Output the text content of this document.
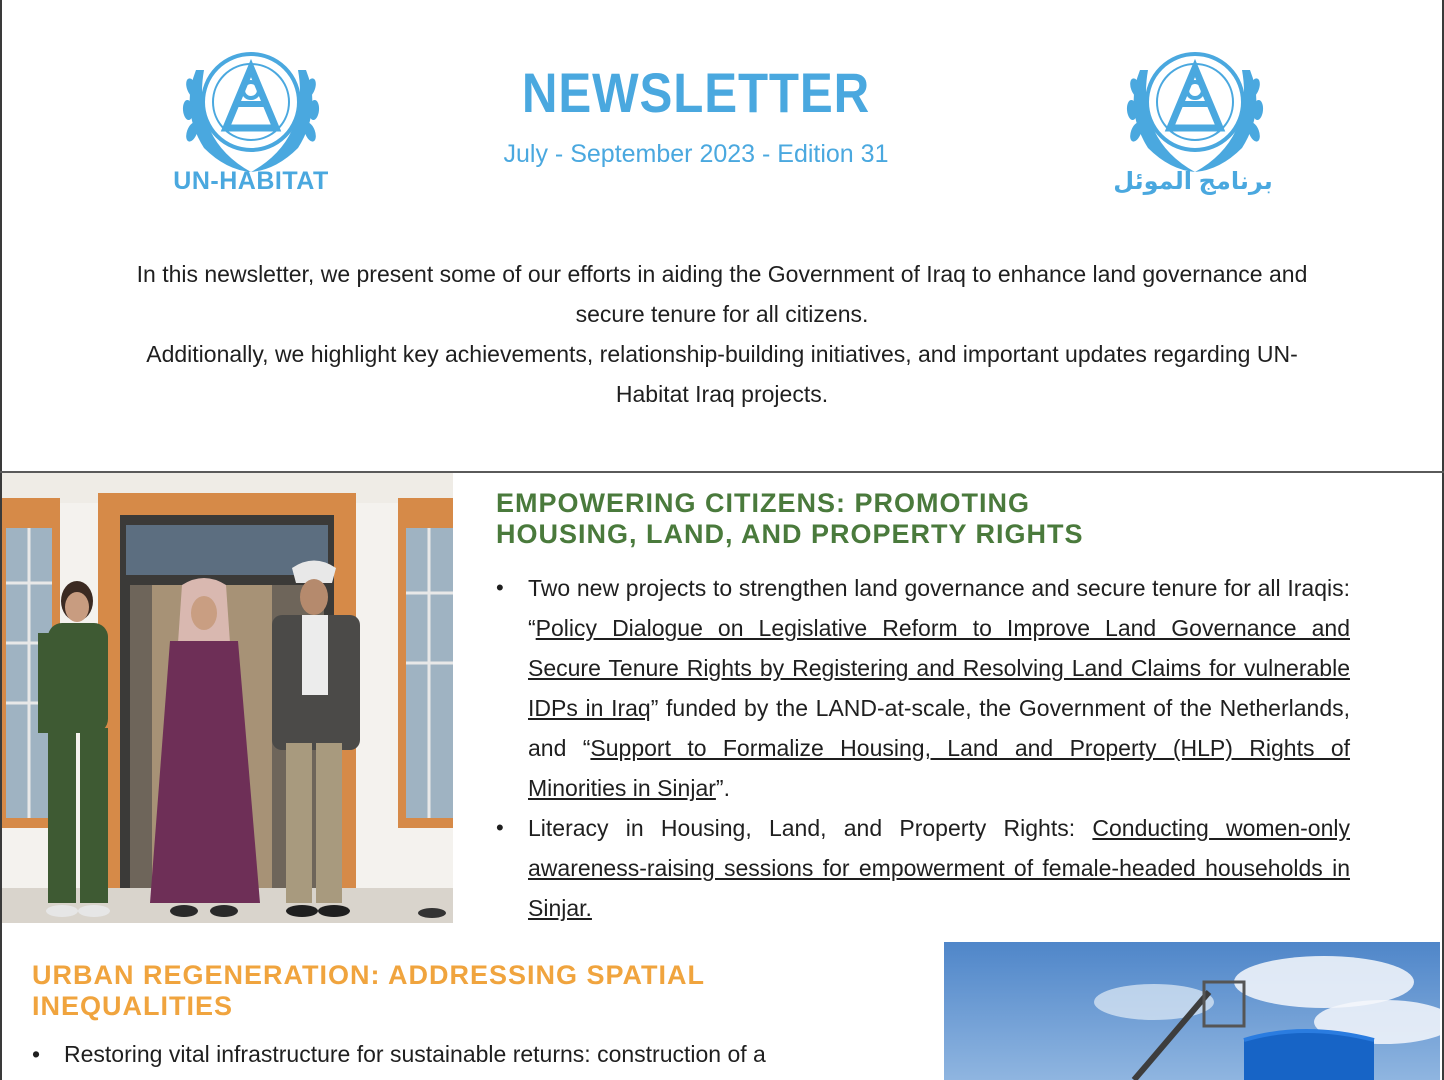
UN-HABITAT	برنامج الموئل
NEWSLETTER
July - September 2023 - Edition 31

In this newsletter, we present some of our efforts in aiding the Government of Iraq to enhance land governance and secure tenure for all citizens.

Additionally, we highlight key achievements, relationship-building initiatives, and important updates regarding UN-Habitat Iraq projects.

EMPOWERING CITIZENS: PROMOTING
HOUSING, LAND, AND PROPERTY RIGHTS
• Two new projects to strengthen land governance and secure tenure for all Iraqis: “Policy Dialogue on Legislative Reform to Improve Land Governance and Secure Tenure Rights by Registering and Resolving Land Claims for vulnerable IDPs in Iraq” funded by the LAND-at-scale, the Government of the Netherlands, and “Support to Formalize Housing, Land and Property (HLP) Rights of Minorities in Sinjar”.
• Literacy in Housing, Land, and Property Rights: Conducting women-only awareness-raising sessions for empowerment of female-headed households in Sinjar.
URBAN REGENERATION: ADDRESSING SPATIAL INEQUALITIES
• Restoring vital infrastructure for sustainable returns: construction of a
